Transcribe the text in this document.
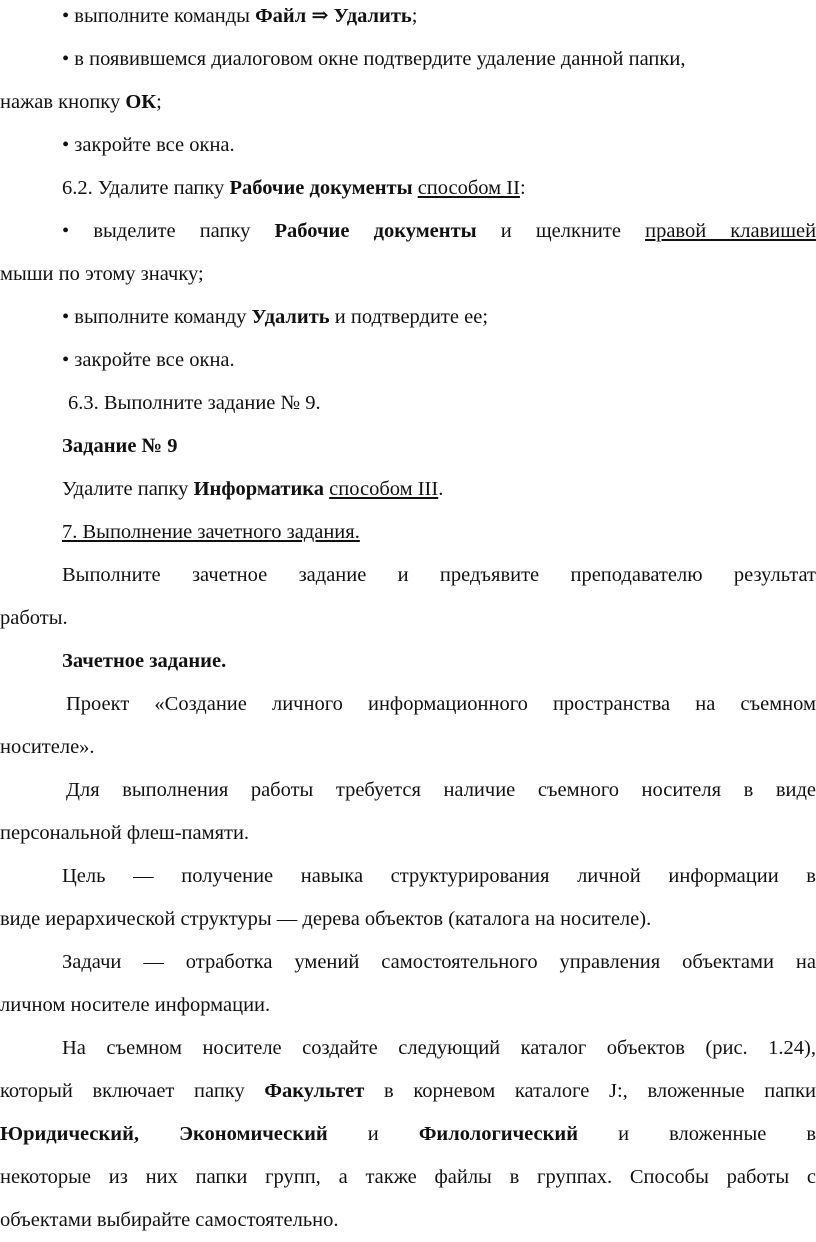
• выполните команды Файл ⇒ Удалить;
• в появившемся диалоговом окне подтвердите удаление данной папки,
нажав кнопку ОК;
• закройте все окна.
6.2. Удалите папку Рабочие документы способом II:
• выделите папку Рабочие документы и щелкните правой клавишей
мыши по этому значку;
• выполните команду Удалить и подтвердите ее;
• закройте все окна.
6.3. Выполните задание № 9.
Задание № 9
Удалите папку Информатика способом III.
7. Выполнение зачетного задания.
Выполните зачетное задание и предъявите преподавателю результат
работы.
Зачетное задание.
Проект «Создание личного информационного пространства на съемном
носителе».
Для выполнения работы требуется наличие съемного носителя в виде
персональной флеш-памяти.
Цель — получение навыка структурирования личной информации в
виде иерархической структуры — дерева объектов (каталога на носителе).
Задачи — отработка умений самостоятельного управления объектами на
личном носителе информации.
На съемном носителе создайте следующий каталог объектов (рис. 1.24),
который включает папку Факультет в корневом каталоге J:, вложенные папки
Юридический, Экономический и Филологический и вложенные в
некоторые из них папки групп, а также файлы в группах. Способы работы с
объектами выбирайте самостоятельно.
